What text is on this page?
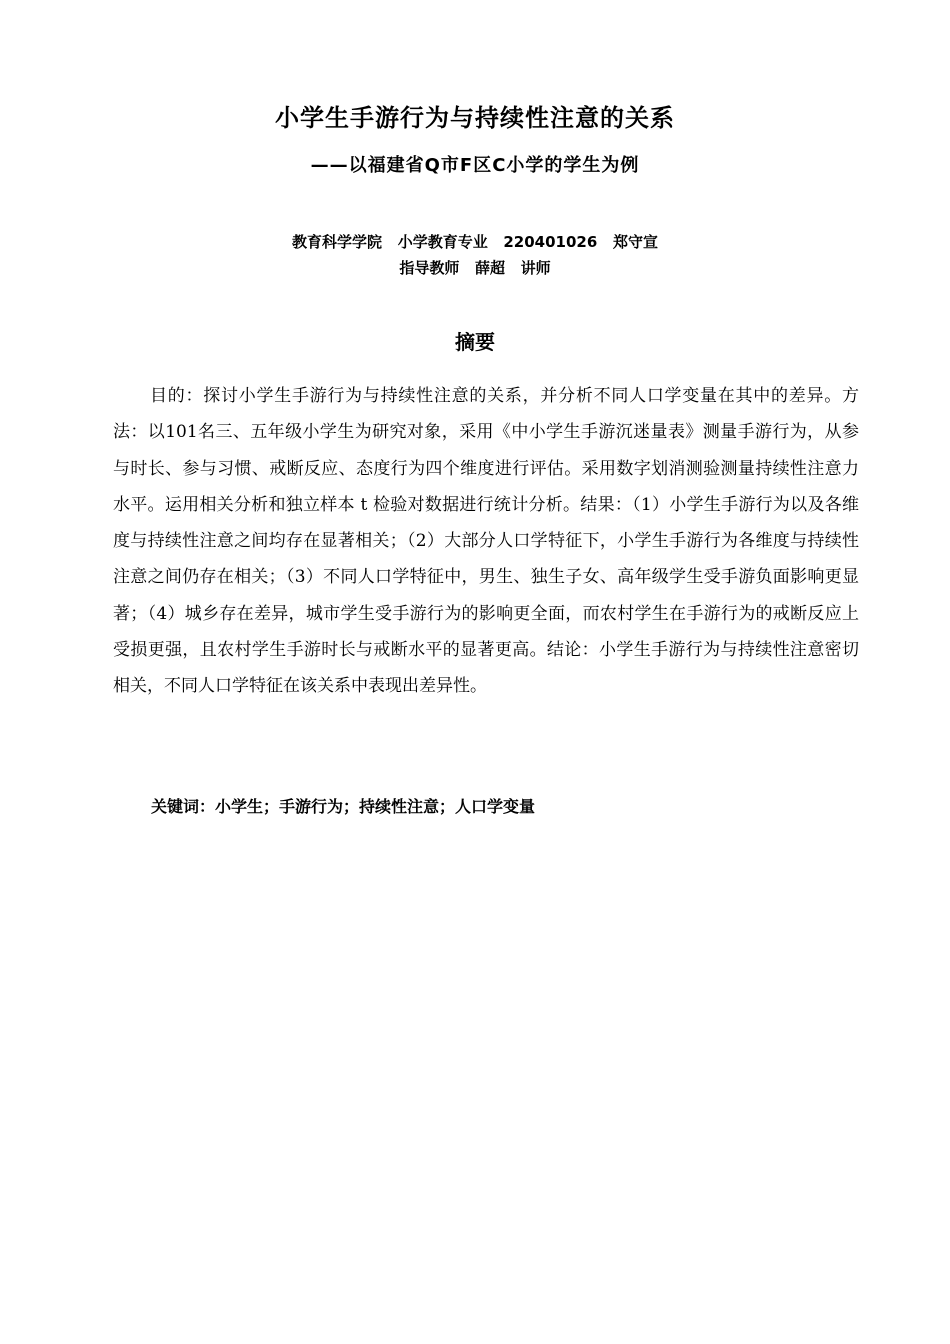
小学生手游行为与持续性注意的关系
——以福建省Q市F区C小学的学生为例
教育科学学院   小学教育专业   220401026   郑守宣
指导教师   薛超   讲师
摘要

目的：探讨小学生手游行为与持续性注意的关系，并分析不同人口学变量在其中的差异。方法：以101名三、五年级小学生为研究对象，采用《中小学生手游沉迷量表》测量手游行为，从参与时长、参与习惯、戒断反应、态度行为四个维度进行评估。采用数字划消测验测量持续性注意力水平。运用相关分析和独立样本 t 检验对数据进行统计分析。结果：（1）小学生手游行为以及各维度与持续性注意之间均存在显著相关；（2）大部分人口学特征下，小学生手游行为各维度与持续性注意之间仍存在相关；（3）不同人口学特征中，男生、独生子女、高年级学生受手游负面影响更显著；（4）城乡存在差异，城市学生受手游行为的影响更全面，而农村学生在手游行为的戒断反应上受损更强，且农村学生手游时长与戒断水平的显著更高。结论：小学生手游行为与持续性注意密切相关，不同人口学特征在该关系中表现出差异性。

关键词：小学生；手游行为；持续性注意；人口学变量
